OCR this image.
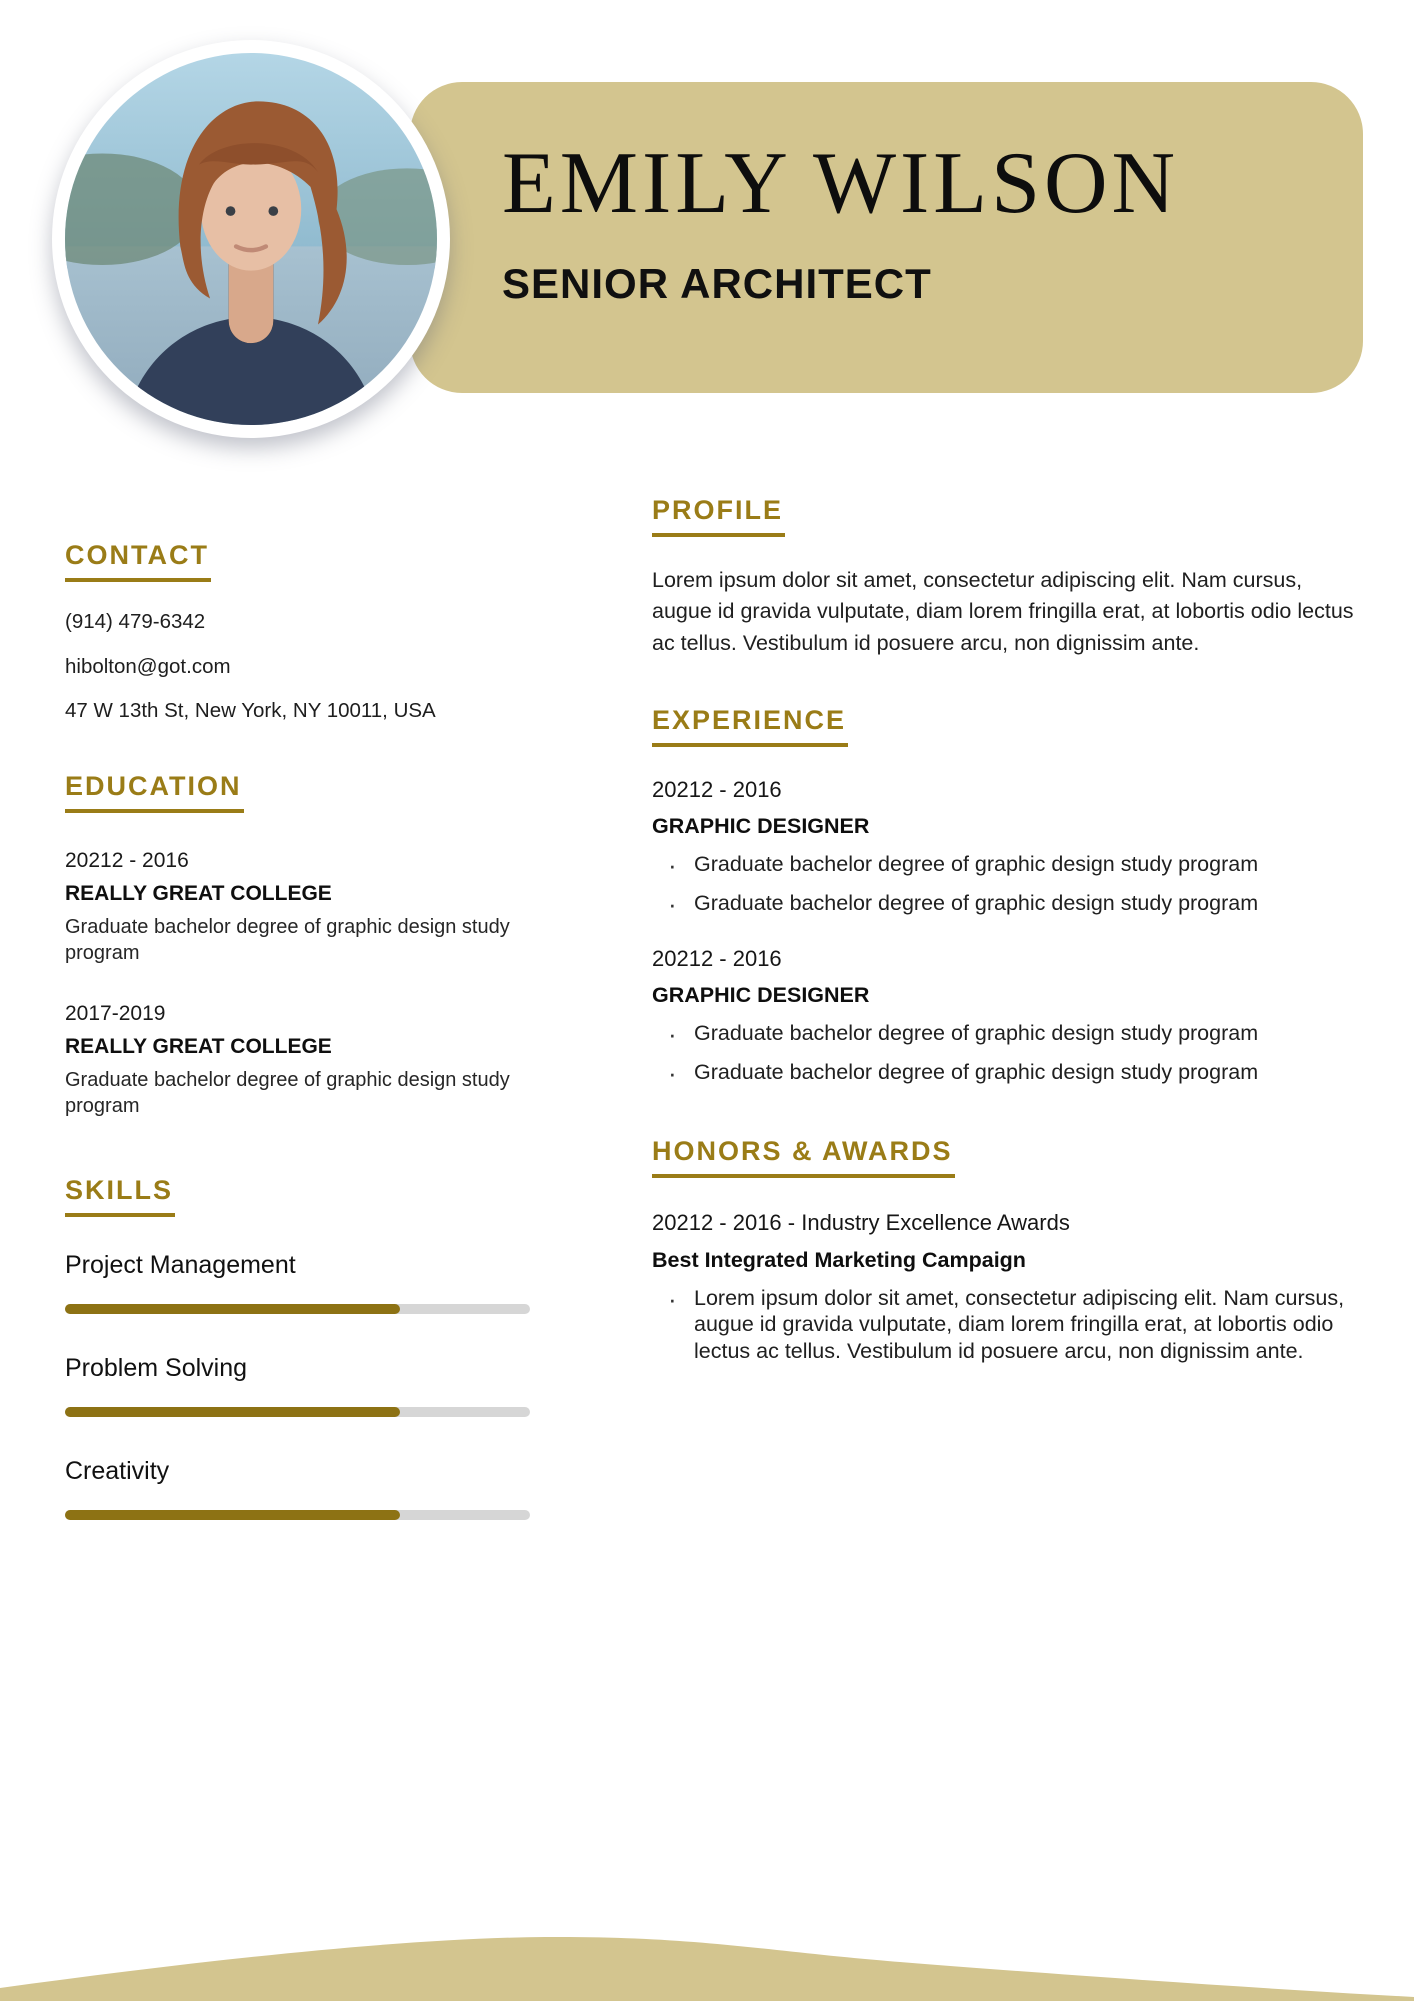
EMILY WILSON
SENIOR ARCHITECT
CONTACT
(914) 479-6342
hibolton@got.com
47 W 13th St, New York, NY 10011, USA
EDUCATION
20212 - 2016
REALLY GREAT COLLEGE
Graduate bachelor degree of graphic design study program
2017-2019
REALLY GREAT COLLEGE
Graduate bachelor degree of graphic design study program
SKILLS
Project Management
Problem Solving
Creativity
PROFILE

Lorem ipsum dolor sit amet, consectetur adipiscing elit. Nam cursus, augue id gravida vulputate, diam lorem fringilla erat, at lobortis odio lectus ac tellus. Vestibulum id posuere arcu, non dignissim ante.

EXPERIENCE
20212 - 2016
GRAPHIC DESIGNER
· Graduate bachelor degree of graphic design study program
· Graduate bachelor degree of graphic design study program
20212 - 2016
GRAPHIC DESIGNER
· Graduate bachelor degree of graphic design study program
· Graduate bachelor degree of graphic design study program
HONORS & AWARDS
20212 - 2016 - Industry Excellence Awards
Best Integrated Marketing Campaign
· Lorem ipsum dolor sit amet, consectetur adipiscing elit. Nam cursus, augue id gravida vulputate, diam lorem fringilla erat, at lobortis odio lectus ac tellus. Vestibulum id posuere arcu, non dignissim ante.
